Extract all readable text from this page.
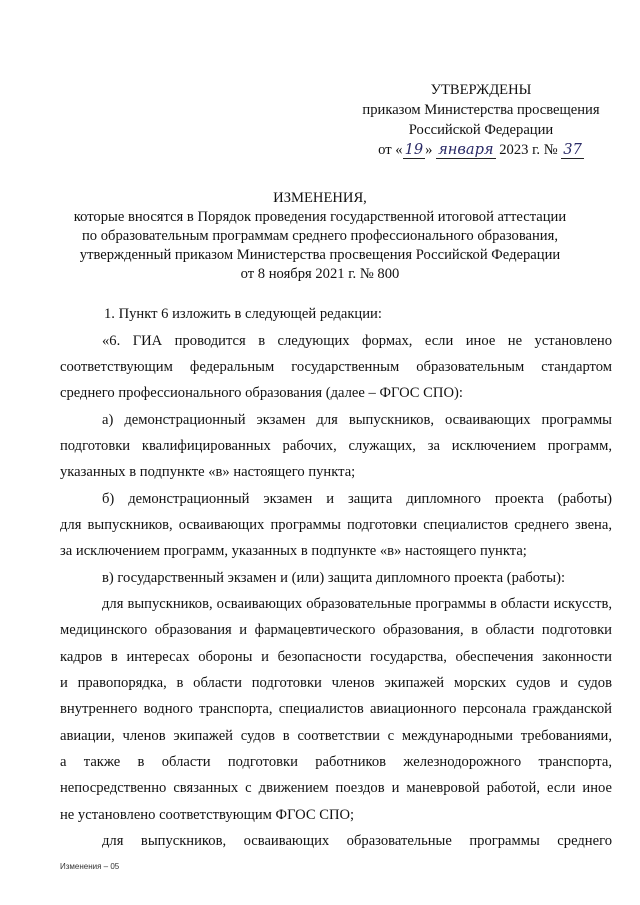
УТВЕРЖДЕНЫ
приказом Министерства просвещения
Российской Федерации
от « 19 » января 2023 г. № 37
ИЗМЕНЕНИЯ,
которые вносятся в Порядок проведения государственной итоговой аттестации
по образовательным программам среднего профессионального образования,
утвержденный приказом Министерства просвещения Российской Федерации
от 8 ноября 2021 г. № 800
1. Пункт 6 изложить в следующей редакции:
«6. ГИА проводится в следующих формах, если иное не установлено
соответствующим федеральным государственным образовательным стандартом
среднего профессионального образования (далее – ФГОС СПО):
а) демонстрационный экзамен для выпускников, осваивающих программы
подготовки квалифицированных рабочих, служащих, за исключением программ,
указанных в подпункте «в» настоящего пункта;
б) демонстрационный экзамен и защита дипломного проекта (работы)
для выпускников, осваивающих программы подготовки специалистов среднего звена,
за исключением программ, указанных в подпункте «в» настоящего пункта;
в) государственный экзамен и (или) защита дипломного проекта (работы):
для выпускников, осваивающих образовательные программы в области искусств,
медицинского образования и фармацевтического образования, в области подготовки
кадров в интересах обороны и безопасности государства, обеспечения законности
и правопорядка, в области подготовки членов экипажей морских судов и судов
внутреннего водного транспорта, специалистов авиационного персонала гражданской
авиации, членов экипажей судов в соответствии с международными требованиями,
а также в области подготовки работников железнодорожного транспорта,
непосредственно связанных с движением поездов и маневровой работой, если иное
не установлено соответствующим ФГОС СПО;
для выпускников, осваивающих образовательные программы среднего
Изменения – 05
